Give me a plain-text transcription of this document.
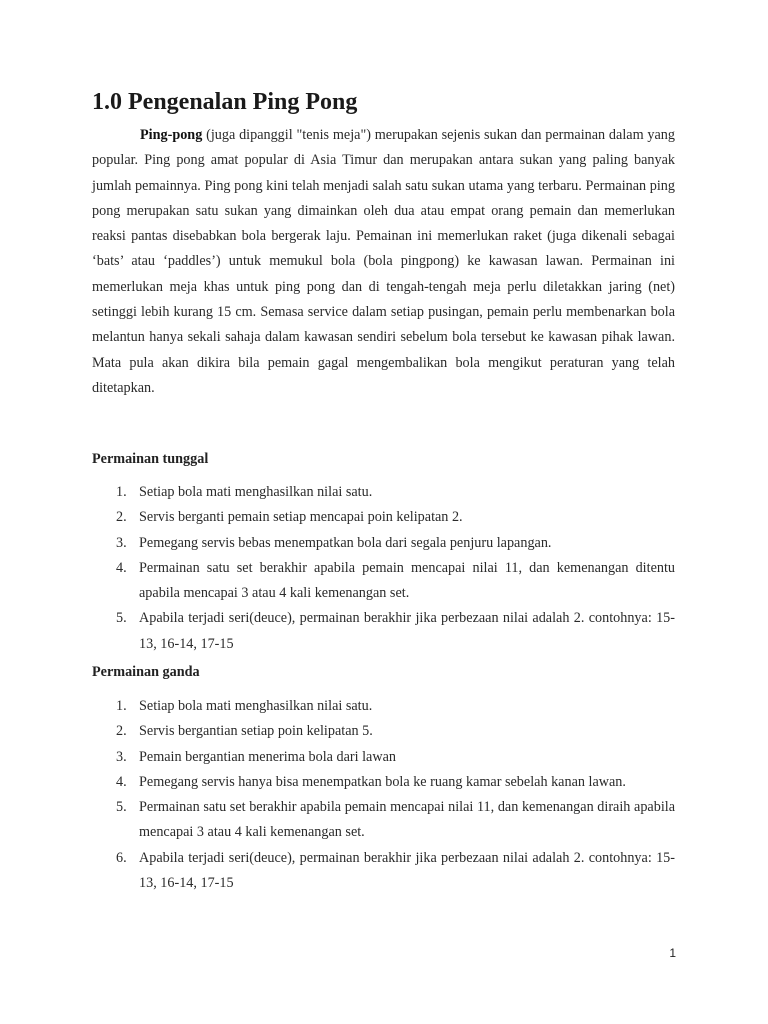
1.0 Pengenalan Ping Pong

Ping-pong (juga dipanggil "tenis meja") merupakan sejenis sukan dan permainan dalam yang popular. Ping pong amat popular di Asia Timur dan merupakan antara sukan yang paling banyak jumlah pemainnya. Ping pong kini telah menjadi salah satu sukan utama yang terbaru. Permainan ping pong merupakan satu sukan yang dimainkan oleh dua atau empat orang pemain dan memerlukan reaksi pantas disebabkan bola bergerak laju. Pemainan ini memerlukan raket (juga dikenali sebagai ‘bats’ atau ‘paddles’) untuk memukul bola (bola pingpong) ke kawasan lawan. Permainan ini memerlukan meja khas untuk ping pong dan di tengah-tengah meja perlu diletakkan jaring (net) setinggi lebih kurang 15 cm. Semasa service dalam setiap pusingan, pemain perlu membenarkan bola melantun hanya sekali sahaja dalam kawasan sendiri sebelum bola tersebut ke kawasan pihak lawan. Mata pula akan dikira bila pemain gagal mengembalikan bola mengikut peraturan yang telah ditetapkan.

Permainan tunggal
1. Setiap bola mati menghasilkan nilai satu.
2. Servis berganti pemain setiap mencapai poin kelipatan 2.
3. Pemegang servis bebas menempatkan bola dari segala penjuru lapangan.
4. Permainan satu set berakhir apabila pemain mencapai nilai 11, dan kemenangan ditentu apabila mencapai 3 atau 4 kali kemenangan set.
5. Apabila terjadi seri(deuce), permainan berakhir jika perbezaan nilai adalah 2. contohnya: 15-13, 16-14, 17-15
Permainan ganda
1. Setiap bola mati menghasilkan nilai satu.
2. Servis bergantian setiap poin kelipatan 5.
3. Pemain bergantian menerima bola dari lawan
4. Pemegang servis hanya bisa menempatkan bola ke ruang kamar sebelah kanan lawan.
5. Permainan satu set berakhir apabila pemain mencapai nilai 11, dan kemenangan diraih apabila mencapai 3 atau 4 kali kemenangan set.
6. Apabila terjadi seri(deuce), permainan berakhir jika perbezaan nilai adalah 2. contohnya: 15-13, 16-14, 17-15
1
